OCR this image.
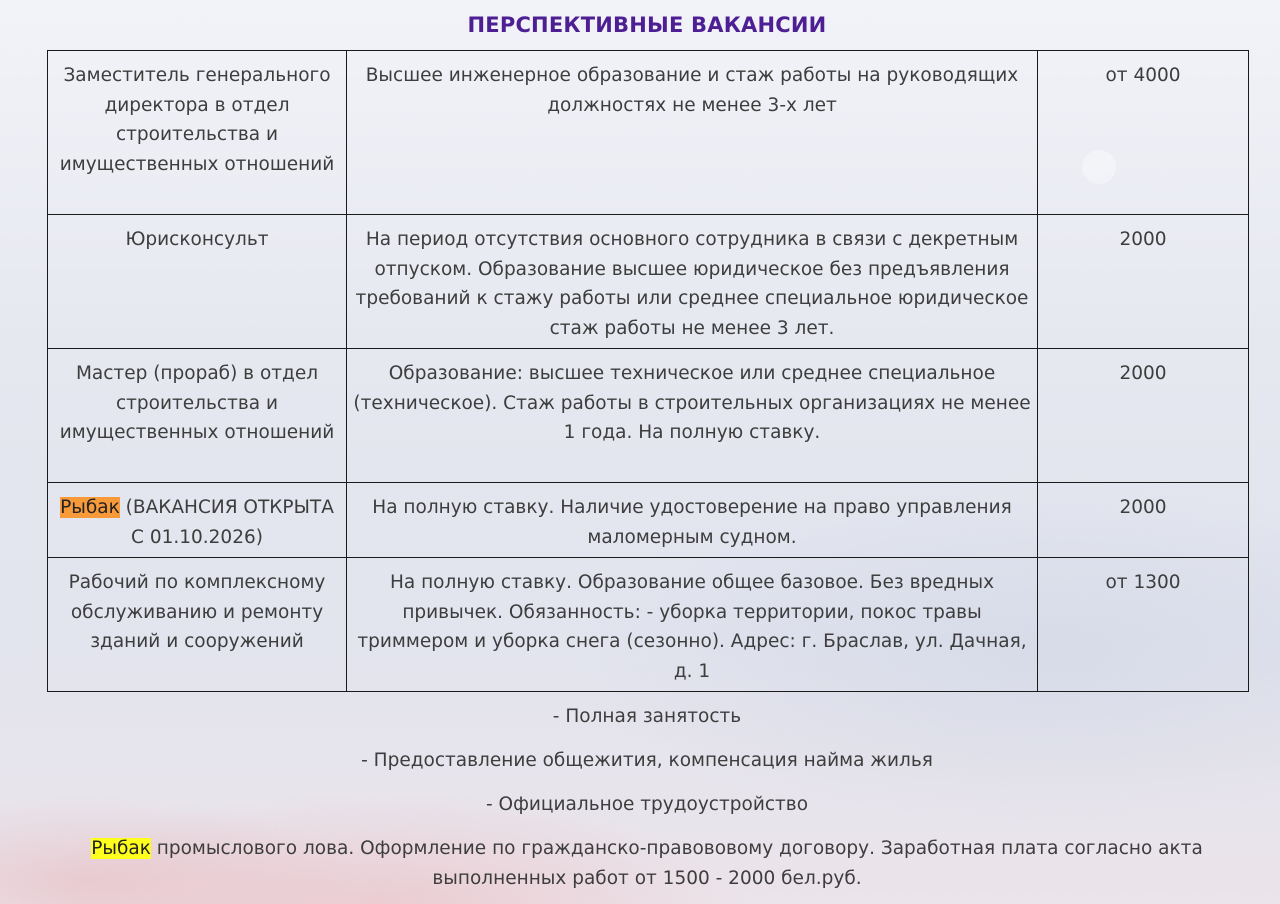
ПЕРСПЕКТИВНЫЕ ВАКАНСИИ
Заместитель генерального директора в отдел строительства и имущественных отношений	Высшее инженерное образование и стаж работы на руководящих должностях не менее 3-х лет	от 4000
Юрисконсульт	На период отсутствия основного сотрудника в связи с декретным отпуском. Образование высшее юридическое без предъявления требований к стажу работы или среднее специальное юридическое стаж работы не менее 3 лет.	2000
Мастер (прораб) в отдел строительства и имущественных отношений	Образование: высшее техническое или среднее специальное (техническое). Стаж работы в строительных организациях не менее 1 года. На полную ставку.	2000
Рыбак (ВАКАНСИЯ ОТКРЫТА С 01.10.2026)	На полную ставку. Наличие удостоверение на право управления маломерным судном.	2000
Рабочий по комплексному обслуживанию и ремонту зданий и сооружений	На полную ставку. Образование общее базовое. Без вредных привычек. Обязанность: - уборка территории, покос травы триммером и уборка снега (сезонно). Адрес: г. Браслав, ул. Дачная, д. 1	от 1300
- Полная занятость
- Предоставление общежития, компенсация найма жилья
- Официальное трудоустройство
Рыбак промыслового лова. Оформление по гражданско-правововому договору. Заработная плата согласно акта выполненных работ от 1500 - 2000 бел.руб.
